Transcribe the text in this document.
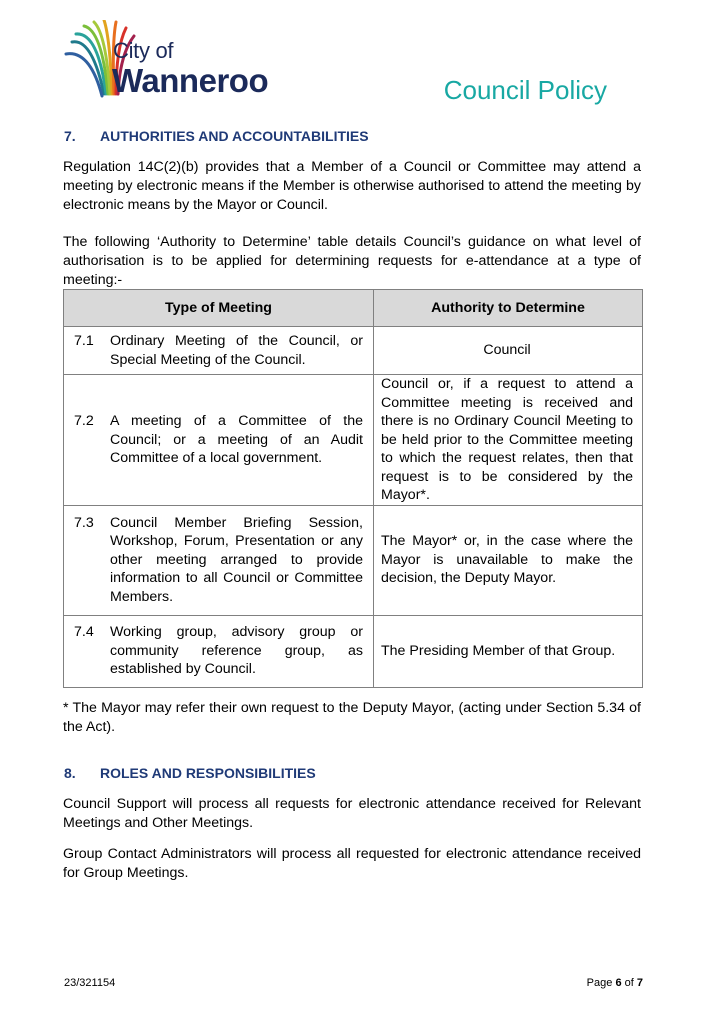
City of
Wanneroo	Council Policy
7. AUTHORITIES AND ACCOUNTABILITIES
Regulation 14C(2)(b) provides that a Member of a Council or Committee may attend a meeting by electronic means if the Member is otherwise authorised to attend the meeting by electronic means by the Mayor or Council.
The following ‘Authority to Determine’ table details Council’s guidance on what level of authorisation is to be applied for determining requests for e-attendance at a type of meeting:-
Type of Meeting	Authority to Determine

7.1 Ordinary Meeting of the Council, or Special Meeting of the Council.	Council

7.2 A meeting of a Committee of the Council; or a meeting of an Audit Committee of a local government.	Council or, if a request to attend a Committee meeting is received and there is no Ordinary Council Meeting to be held prior to the Committee meeting to which the request relates, then that request is to be considered by the Mayor*.

7.3 Council Member Briefing Session, Workshop, Forum, Presentation or any other meeting arranged to provide information to all Council or Committee Members.	The Mayor* or, in the case where the Mayor is unavailable to make the decision, the Deputy Mayor.

7.4 Working group, advisory group or community reference group, as established by Council.	The Presiding Member of that Group.
* The Mayor may refer their own request to the Deputy Mayor, (acting under Section 5.34 of the Act).
8. ROLES AND RESPONSIBILITIES
Council Support will process all requests for electronic attendance received for Relevant Meetings and Other Meetings.
Group Contact Administrators will process all requested for electronic attendance received for Group Meetings.
23/321154	Page 6 of 7
